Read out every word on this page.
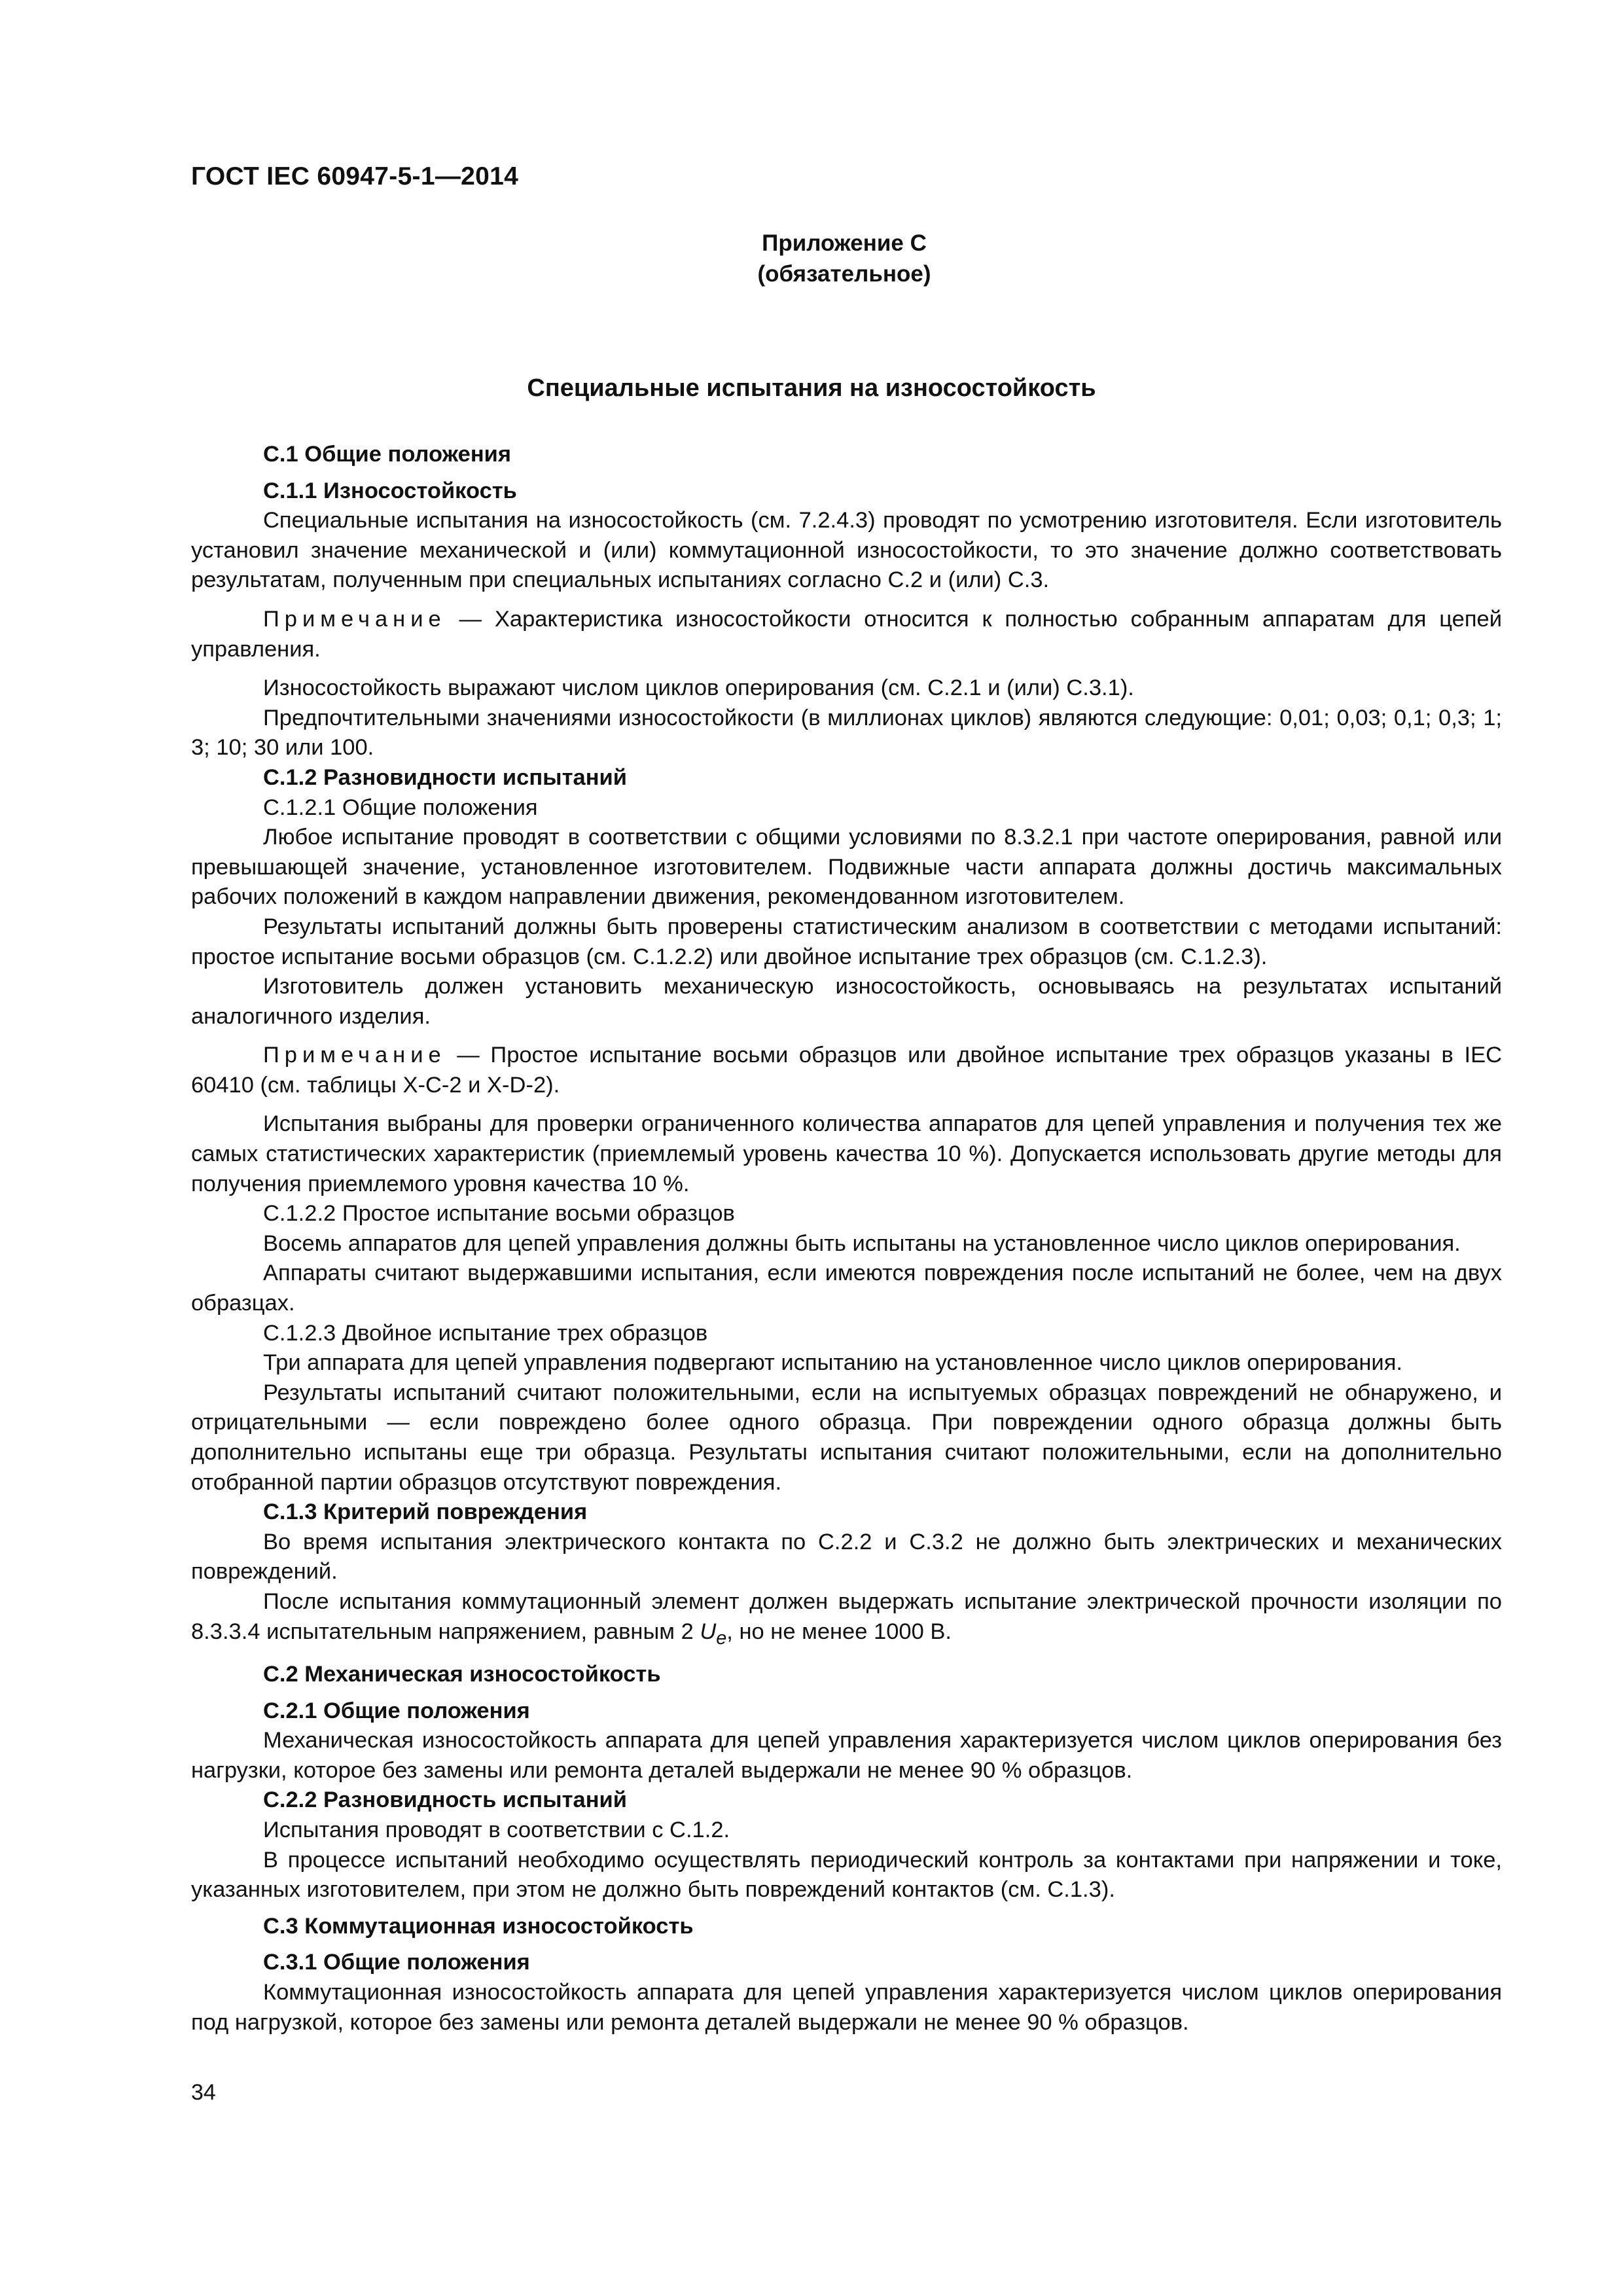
ГОСТ IEC 60947-5-1—2014
Приложение С
(обязательное)
Специальные испытания на износостойкость

С.1 Общие положения

С.1.1 Износостойкость

Специальные испытания на износостойкость (см. 7.2.4.3) проводят по усмотрению изготовителя. Если изготовитель установил значение механической и (или) коммутационной износостойкости, то это значение должно соответствовать результатам, полученным при специальных испытаниях согласно С.2 и (или) С.3.

Примечание — Характеристика износостойкости относится к полностью собранным аппаратам для цепей управления.

Износостойкость выражают числом циклов оперирования (см. С.2.1 и (или) С.3.1).

Предпочтительными значениями износостойкости (в миллионах циклов) являются следующие: 0,01; 0,03; 0,1; 0,3; 1; 3; 10; 30 или 100.

С.1.2 Разновидности испытаний

С.1.2.1 Общие положения

Любое испытание проводят в соответствии с общими условиями по 8.3.2.1 при частоте оперирования, равной или превышающей значение, установленное изготовителем. Подвижные части аппарата должны достичь максимальных рабочих положений в каждом направлении движения, рекомендованном изготовителем.

Результаты испытаний должны быть проверены статистическим анализом в соответствии с методами испытаний: простое испытание восьми образцов (см. С.1.2.2) или двойное испытание трех образцов (см. С.1.2.3).

Изготовитель должен установить механическую износостойкость, основываясь на результатах испытаний аналогичного изделия.

Примечание — Простое испытание восьми образцов или двойное испытание трех образцов указаны в IEC 60410 (см. таблицы X-C-2 и X-D-2).

Испытания выбраны для проверки ограниченного количества аппаратов для цепей управления и получения тех же самых статистических характеристик (приемлемый уровень качества 10 %). Допускается использовать другие методы для получения приемлемого уровня качества 10 %.

С.1.2.2 Простое испытание восьми образцов

Восемь аппаратов для цепей управления должны быть испытаны на установленное число циклов оперирования.

Аппараты считают выдержавшими испытания, если имеются повреждения после испытаний не более, чем на двух образцах.

С.1.2.3 Двойное испытание трех образцов

Три аппарата для цепей управления подвергают испытанию на установленное число циклов оперирования.

Результаты испытаний считают положительными, если на испытуемых образцах повреждений не обнаружено, и отрицательными — если повреждено более одного образца. При повреждении одного образца должны быть дополнительно испытаны еще три образца. Результаты испытания считают положительными, если на дополнительно отобранной партии образцов отсутствуют повреждения.

С.1.3 Критерий повреждения

Во время испытания электрического контакта по С.2.2 и С.3.2 не должно быть электрических и механических повреждений.

После испытания коммутационный элемент должен выдержать испытание электрической прочности изоляции по 8.3.3.4 испытательным напряжением, равным 2 $U_e$, но не менее 1000 В.

С.2 Механическая износостойкость

С.2.1 Общие положения

Механическая износостойкость аппарата для цепей управления характеризуется числом циклов оперирования без нагрузки, которое без замены или ремонта деталей выдержали не менее 90 % образцов.

С.2.2 Разновидность испытаний

Испытания проводят в соответствии с С.1.2.

В процессе испытаний необходимо осуществлять периодический контроль за контактами при напряжении и токе, указанных изготовителем, при этом не должно быть повреждений контактов (см. С.1.3).

С.3 Коммутационная износостойкость

С.3.1 Общие положения

Коммутационная износостойкость аппарата для цепей управления характеризуется числом циклов оперирования под нагрузкой, которое без замены или ремонта деталей выдержали не менее 90 % образцов.

34
